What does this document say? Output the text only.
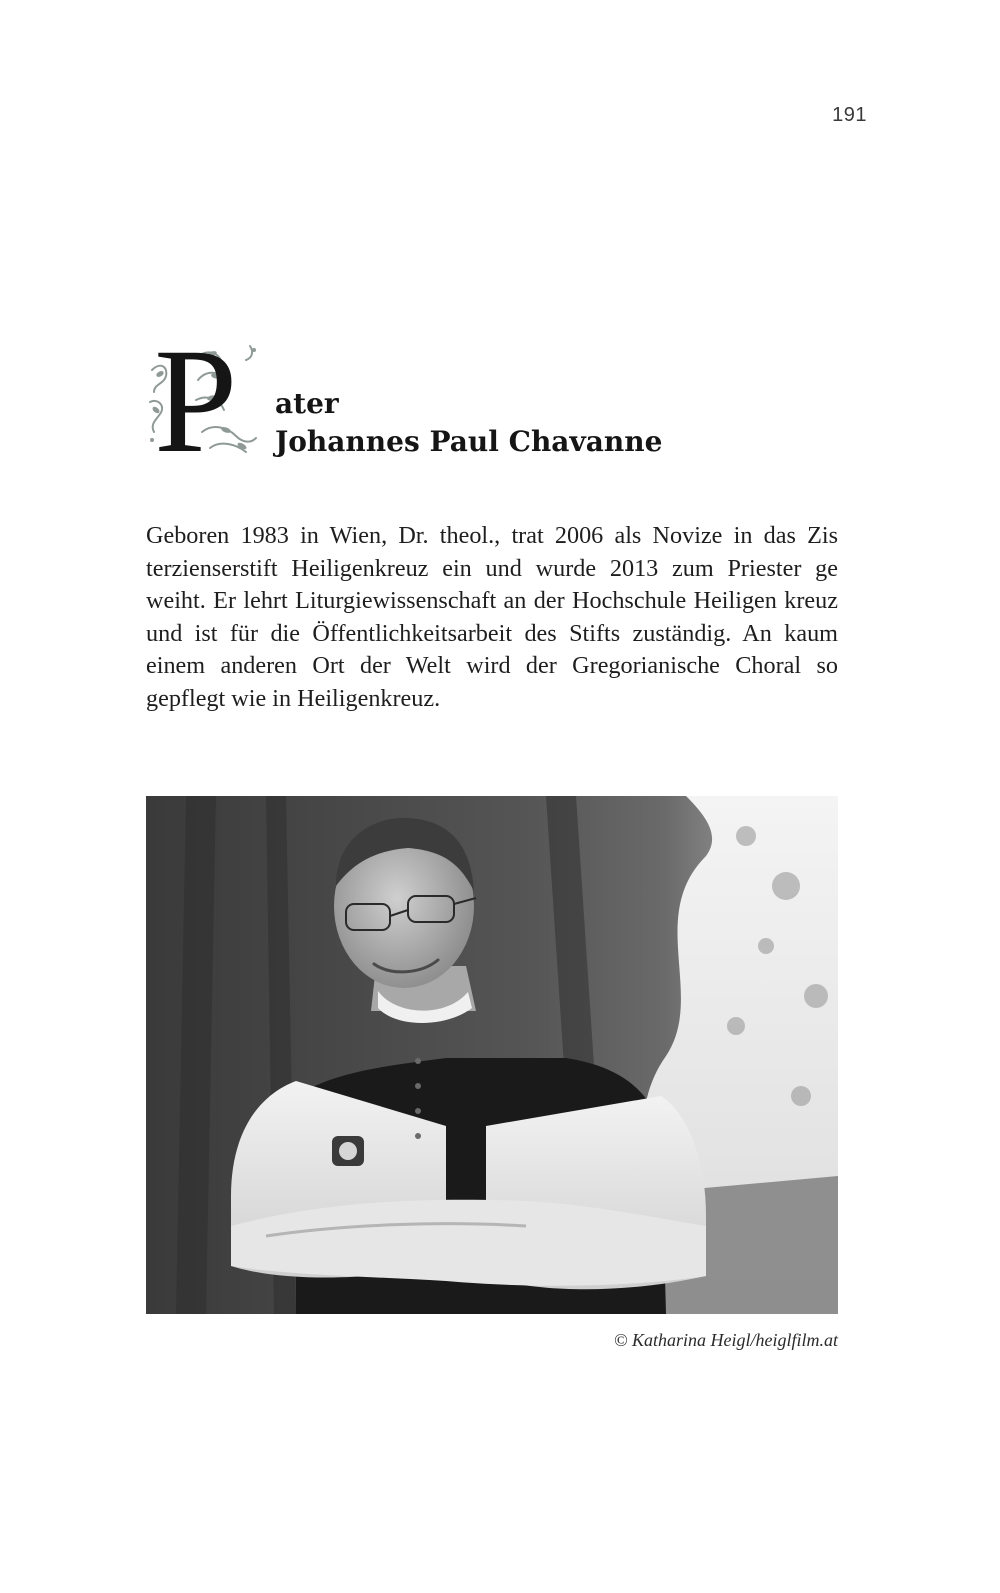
191
P ater
Johannes Paul Chavanne
Geboren 1983 in Wien, Dr. theol., trat 2006 als Novize in das Zis terzienserstift Heiligenkreuz ein und wurde 2013 zum Priester ge weiht. Er lehrt Liturgiewissenschaft an der Hochschule Heiligen kreuz und ist für die Öffentlichkeitsarbeit des Stifts zuständig. An kaum einem anderen Ort der Welt wird der Gregorianische Choral so gepflegt wie in Heiligenkreuz.
© Katharina Heigl/heiglfilm.at
